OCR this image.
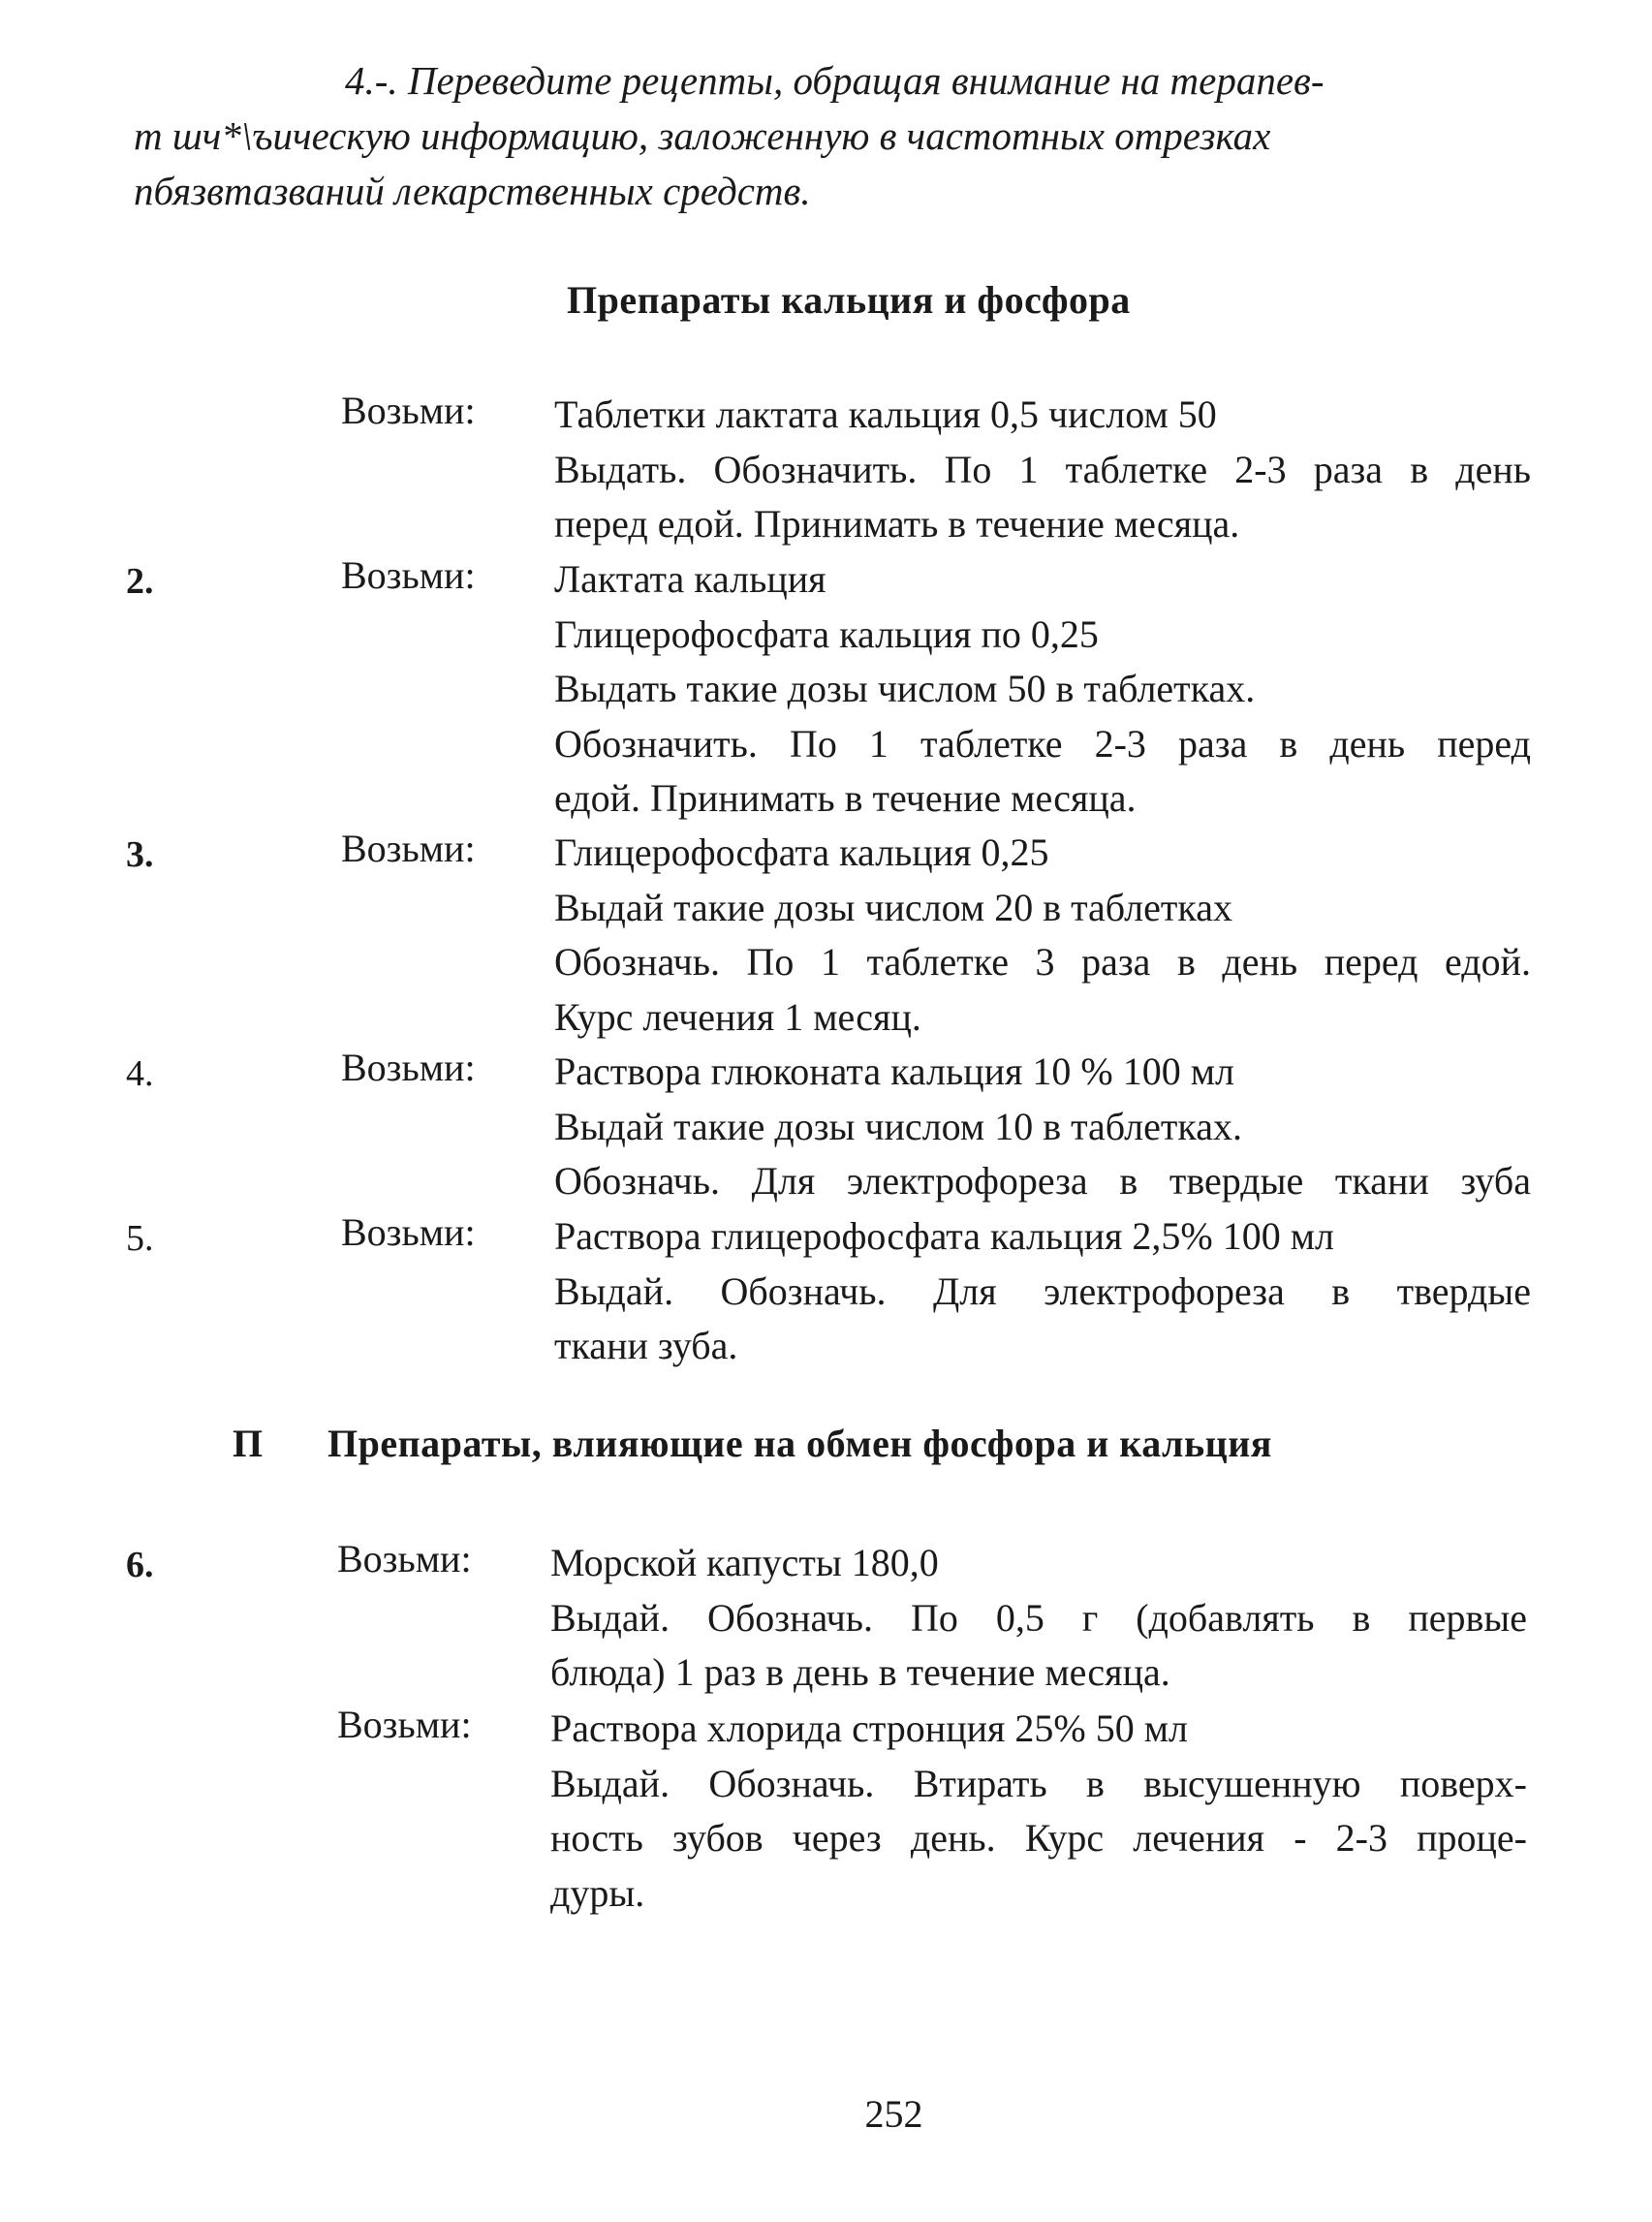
4.-. Переведите рецепты, обращая внимание на терапев-
т шч*\ъическую информацию, заложенную в частотных отрезках
пбязвтазваний лекарственных средств.
Препараты кальция и фосфора
Возьми: Таблетки лактата кальция 0,5 числом 50
Выдать. Обозначить. По 1 таблетке 2-3 раза в день
перед едой. Принимать в течение месяца.
2.	Возьми: Лактата кальция
Глицерофосфата кальция по 0,25
Выдать такие дозы числом 50 в таблетках.
Обозначить. По 1 таблетке 2-3 раза в день перед
едой. Принимать в течение месяца.
3.	Возьми: Глицерофосфата кальция 0,25
Выдай такие дозы числом 20 в таблетках
Обозначь. По 1 таблетке 3 раза в день перед едой.
Курс лечения 1 месяц.
4.	Возьми: Раствора глюконата кальция 10 % 100 мл
Выдай такие дозы числом 10 в таблетках.
Обозначь. Для электрофореза в твердые ткани зуба
5.	Возьми: Раствора глицерофосфата кальция 2,5% 100 мл
Выдай. Обозначь. Для электрофореза в твердые
ткани зуба.
П Препараты, влияющие на обмен фосфора и кальция
6.	Возьми: Морской капусты 180,0
Выдай. Обозначь. По 0,5 г (добавлять в первые
блюда) 1 раз в день в течение месяца.
Возьми: Раствора хлорида стронция 25% 50 мл
Выдай. Обозначь. Втирать в высушенную поверх-
ность зубов через день. Курс лечения - 2-3 проце-
дуры.
252
